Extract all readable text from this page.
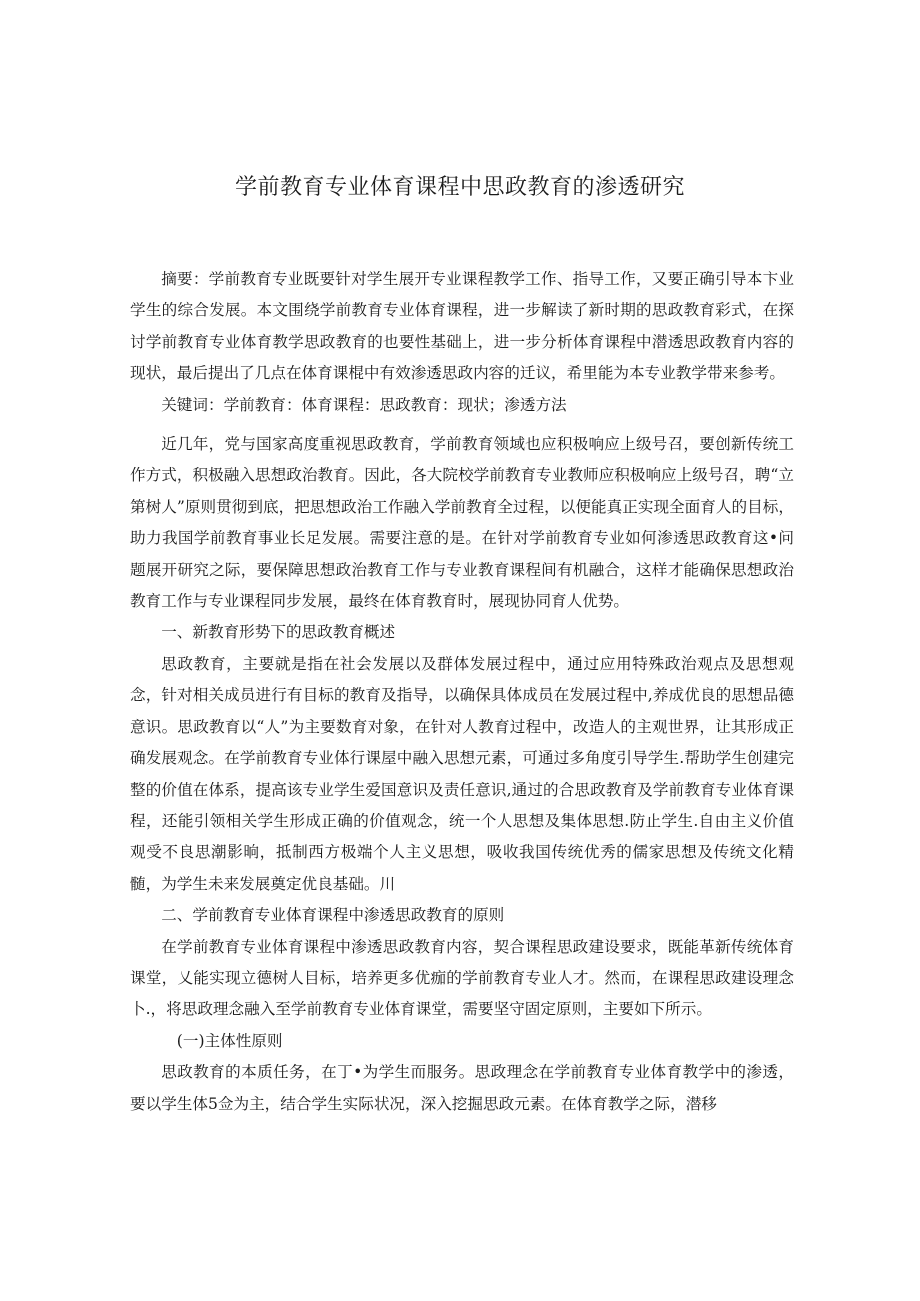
学前教育专业体育课程中思政教育的渗透研究

摘要：学前教育专业既要针对学生展开专业课程教学工作、指导工作，又要正确引导本卞业学生的综合发展。本文围绕学前教育专业体育课程，进一步解读了新时期的思政教育彩式，在探讨学前教育专业体育教学思政教育的也要性基础上，进一步分析体育课程中潜透思政教育内容的现状，最后提出了几点在体育课棍中有效渗透思政内容的迁议，希里能为本专业教学带来参考。

关键词：学前教育：体育课程：思政教育：现状；渗透方法

近几年，党与国家高度重视思政教育，学前教育领域也应积极响应上级号召，要创新传统工作方式，积极融入思想政治教育。因此，各大院校学前教育专业教师应积极响应上级号召，聘“立第树人”原则贯彻到底，把思想政治工作融入学前教育全过程，以便能真正实现全面育人的目标，助力我国学前教育事业长足发展。需要注意的是。在针对学前教育专业如何渗透思政教育这•问题展开研究之际，要保障思想政治教育工作与专业教育课程间有机融合，这样才能确保思想政治教育工作与专业课程同步发展，最终在体育教育时，展现协同育人优势。

一、新教育形势下的思政教育概述

思政教育，主要就是指在社会发展以及群体发展过程中，通过应用特殊政治观点及思想观念，针对相关成员进行有目标的教育及指导，以确保具体成员在发展过程中,养成优良的思想品德意识。思政教育以“人”为主要数育对象，在针对人教育过程中，改造人的主观世界，让其形成正确发展观念。在学前教育专业体行课屋中融入思想元素，可通过多角度引导学生.帮助学生创建完整的价值在体系，提高该专业学生爱国意识及责任意识,通过的合思政教育及学前教育专业体育课程，还能引领相关学生形成正确的价值观念，统一个人思想及集体思想.防止学生.自由主义价值观受不良思潮影晌，抵制西方极端个人主义思想，吸收我国传统优秀的儒家思想及传统文化精髄，为学生未来发展奠定优良基础。川

二、学前教育专业体育课程中渗透思政教育的原则

在学前教育专业体育课程中渗透思政教育内容，契合课程思政建设要求，既能革新传统体育课堂，乂能实现立德树人目标，培养更多优痂的学前教育专业人才。然而，在课程思政建设理念卜.，将思政理念融入至学前教育专业体育课堂，需要坚守固定原则，主要如下所示。

(一)主体性原则

思政教育的本质任务，在丁•为学生而服务。思政理念在学前教育专业体育教学中的渗透，要以学生体5佥为主，结合学生实际状况，深入挖掘思政元素。在体育教学之际，潜移
